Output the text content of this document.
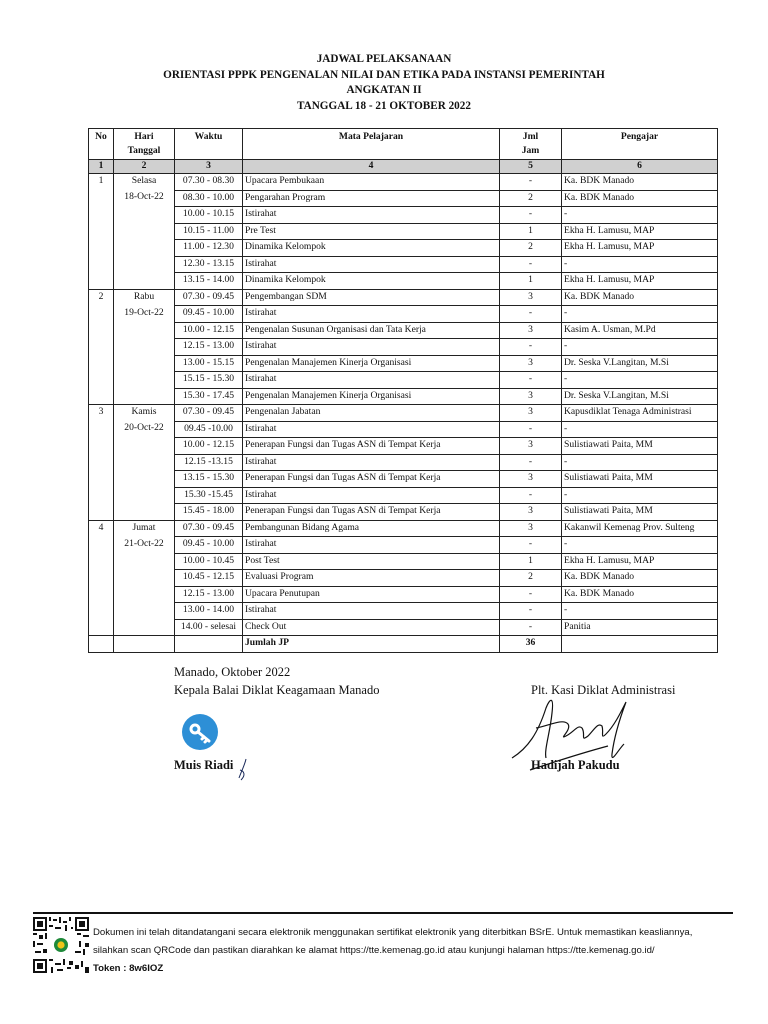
JADWAL PELAKSANAAN
ORIENTASI PPPK PENGENALAN NILAI DAN ETIKA PADA INSTANSI PEMERINTAH
ANGKATAN II
TANGGAL 18 - 21 OKTOBER 2022
No	Hari Tanggal	Waktu	Mata Pelajaran	Jml Jam	Pengajar
1	2	3	4	5	6
1	Selasa	07.30 - 08.30	Upacara Pembukaan	-	Ka. BDK Manado
	18-Oct-22	08.30 - 10.00	Pengarahan Program	2	Ka. BDK Manado
		10.00 - 10.15	Istirahat	-	-
		10.15 - 11.00	Pre Test	1	Ekha H. Lamusu, MAP
		11.00 - 12.30	Dinamika Kelompok	2	Ekha H. Lamusu, MAP
		12.30 - 13.15	Istirahat	-	-
		13.15 - 14.00	Dinamika Kelompok	1	Ekha H. Lamusu, MAP
2	Rabu	07.30 - 09.45	Pengembangan SDM	3	Ka. BDK Manado
	19-Oct-22	09.45 - 10.00	Istirahat	-	-
		10.00 - 12.15	Pengenalan Susunan Organisasi dan Tata Kerja	3	Kasim A. Usman, M.Pd
		12.15 - 13.00	Istirahat	-	-
		13.00 - 15.15	Pengenalan Manajemen Kinerja Organisasi	3	Dr. Seska V.Langitan, M.Si
		15.15 - 15.30	Istirahat	-	-
		15.30 - 17.45	Pengenalan Manajemen Kinerja Organisasi	3	Dr. Seska V.Langitan, M.Si
3	Kamis	07.30 - 09.45	Pengenalan Jabatan	3	Kapusdiklat Tenaga Administrasi
	20-Oct-22	09.45 -10.00	Istirahat	-	-
		10.00 - 12.15	Penerapan Fungsi dan Tugas ASN di Tempat Kerja	3	Sulistiawati Paita, MM
		12.15 -13.15	Istirahat	-	-
		13.15 - 15.30	Penerapan Fungsi dan Tugas ASN di Tempat Kerja	3	Sulistiawati Paita, MM
		15.30 -15.45	Istirahat	-	-
		15.45 - 18.00	Penerapan Fungsi dan Tugas ASN di Tempat Kerja	3	Sulistiawati Paita, MM
4	Jumat	07.30 - 09.45	Pembangunan Bidang Agama	3	Kakanwil Kemenag Prov. Sulteng
	21-Oct-22	09.45 - 10.00	Istirahat	-	-
		10.00 - 10.45	Post Test	1	Ekha H. Lamusu, MAP
		10.45 - 12.15	Evaluasi Program	2	Ka. BDK Manado
		12.15 - 13.00	Upacara Penutupan	-	Ka. BDK Manado
		13.00 - 14.00	Istirahat	-	-
		14.00 - selesai	Check Out	-	Panitia
			Jumlah JP	36	
Manado, Oktober 2022
Kepala Balai Diklat Keagamaan Manado	Plt. Kasi Diklat Administrasi
Muis Riadi	Hadijah Pakudu
Dokumen ini telah ditandatangani secara elektronik menggunakan sertifikat elektronik yang diterbitkan BSrE. Untuk memastikan keasliannya,
silahkan scan QRCode dan pastikan diarahkan ke alamat https://tte.kemenag.go.id atau kunjungi halaman https://tte.kemenag.go.id/
Token : 8w6IOZ
